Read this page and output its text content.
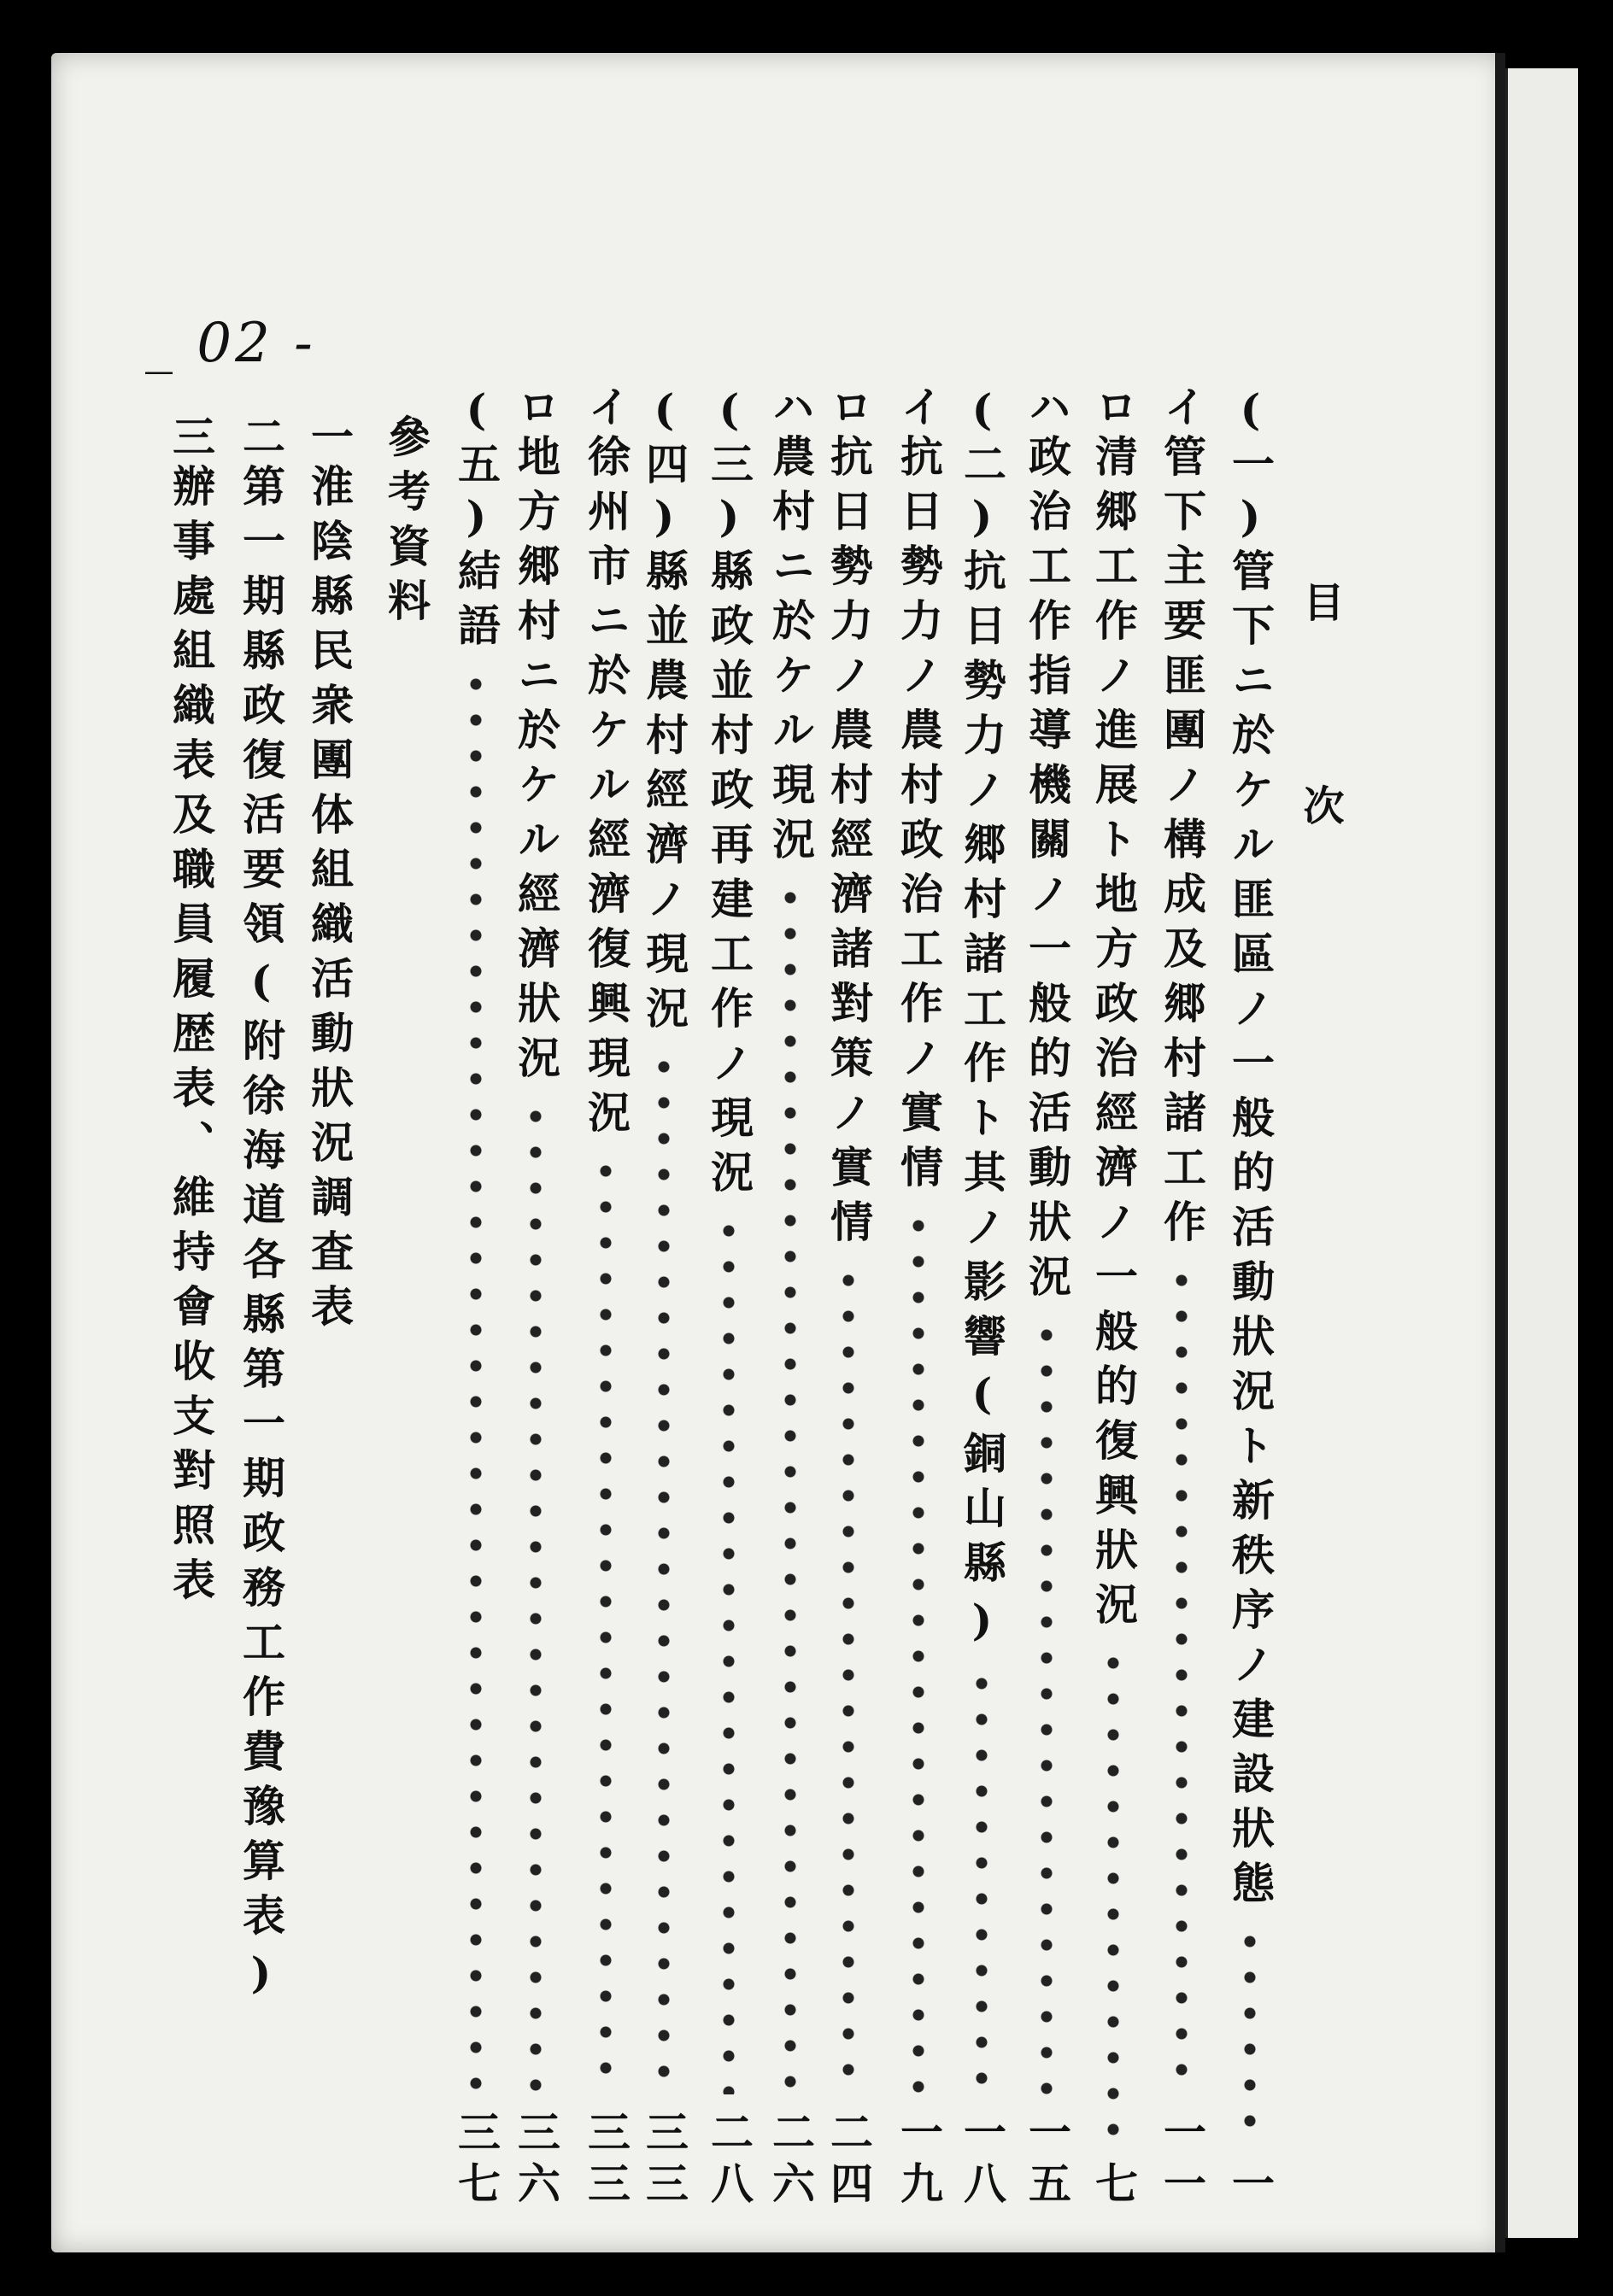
_ 02 -
目次
(一)
管下ニ於ケル匪區ノ一般的活動狀況ト新秩序ノ建設狀態
一
イ
管下主要匪團ノ構成及郷村諸工作
一一
ロ
清郷工作ノ進展ト地方政治經濟ノ一般的復興狀況
七
ハ
政治工作指導機關ノ一般的活動狀況
一五
(二)
抗日勢力ノ郷村諸工作ト其ノ影響(銅山縣)
一八
イ
抗日勢力ノ農村政治工作ノ實情
一九
ロ
抗日勢力ノ農村經濟諸對策ノ實情
二四
ハ
農村ニ於ケル現況
二六
(三)
縣政並村政再建工作ノ現況
二八
(四)
縣並農村經濟ノ現況
三三
イ
徐州市ニ於ケル經濟復興現況
三三
ロ
地方郷村ニ於ケル經濟狀況
三六
(五)
結語
三七
參考資料
一
淮陰縣民衆團体組織活動狀況調査表
二
第一期縣政復活要領(附徐海道各縣第一期政務工作費豫算表)
三
辦事處組織表及職員履歴表、維持會收支對照表
